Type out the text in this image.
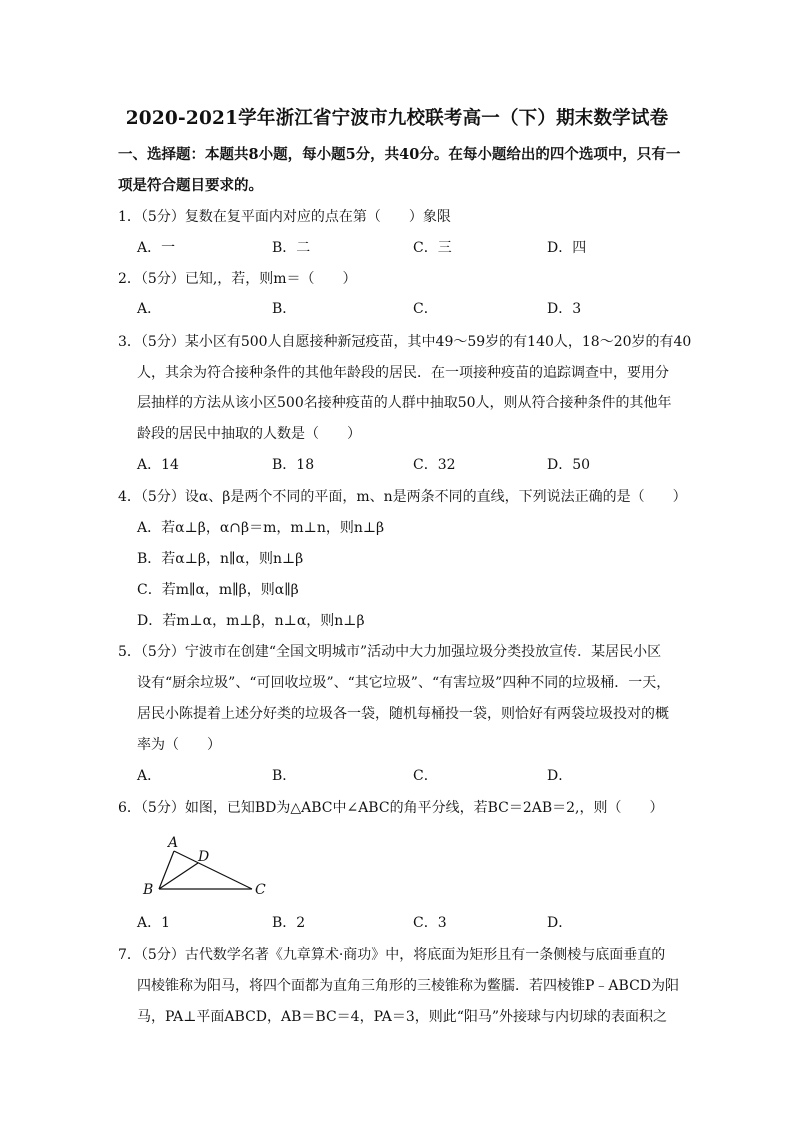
2020-2021学年浙江省宁波市九校联考高一（下）期末数学试卷
一、选择题：本题共8小题，每小题5分，共40分。在每小题给出的四个选项中，只有一
项是符合题目要求的。
1．（5分）复数在复平面内对应的点在第（　　）象限
A．一	B．二	C．三	D．四
2．（5分）已知,，若，则m＝（　　）
A．	B．	C．	D．3
3．（5分）某小区有500人自愿接种新冠疫苗，其中49～59岁的有140人，18～20岁的有40
人，其余为符合接种条件的其他年龄段的居民．在一项接种疫苗的追踪调查中，要用分
层抽样的方法从该小区500名接种疫苗的人群中抽取50人，则从符合接种条件的其他年
龄段的居民中抽取的人数是（　　）
A．14	B．18	C．32	D．50
4．（5分）设α、β是两个不同的平面，m、n是两条不同的直线，下列说法正确的是（　　）
A．若α⊥β，α∩β＝m，m⊥n，则n⊥β
B．若α⊥β，n∥α，则n⊥β
C．若m∥α，m∥β，则α∥β
D．若m⊥α，m⊥β，n⊥α，则n⊥β
5．（5分）宁波市在创建“全国文明城市”活动中大力加强垃圾分类投放宣传．某居民小区
设有“厨余垃圾”、“可回收垃圾”、“其它垃圾”、“有害垃圾”四种不同的垃圾桶．一天，
居民小陈提着上述分好类的垃圾各一袋，随机每桶投一袋，则恰好有两袋垃圾投对的概
率为（　　）
A．	B．	C．	D．
6．（5分）如图，已知BD为△ABC中∠ABC的角平分线，若BC＝2AB＝2,，则（　　）
A
D
B	C
A．1	B．2	C．3	D．
7．（5分）古代数学名著《九章算术·商功》中，将底面为矩形且有一条侧棱与底面垂直的
四棱锥称为阳马，将四个面都为直角三角形的三棱锥称为鳖臑．若四棱锥P﹣ABCD为阳
马，PA⊥平面ABCD，AB＝BC＝4，PA＝3，则此“阳马”外接球与内切球的表面积之
